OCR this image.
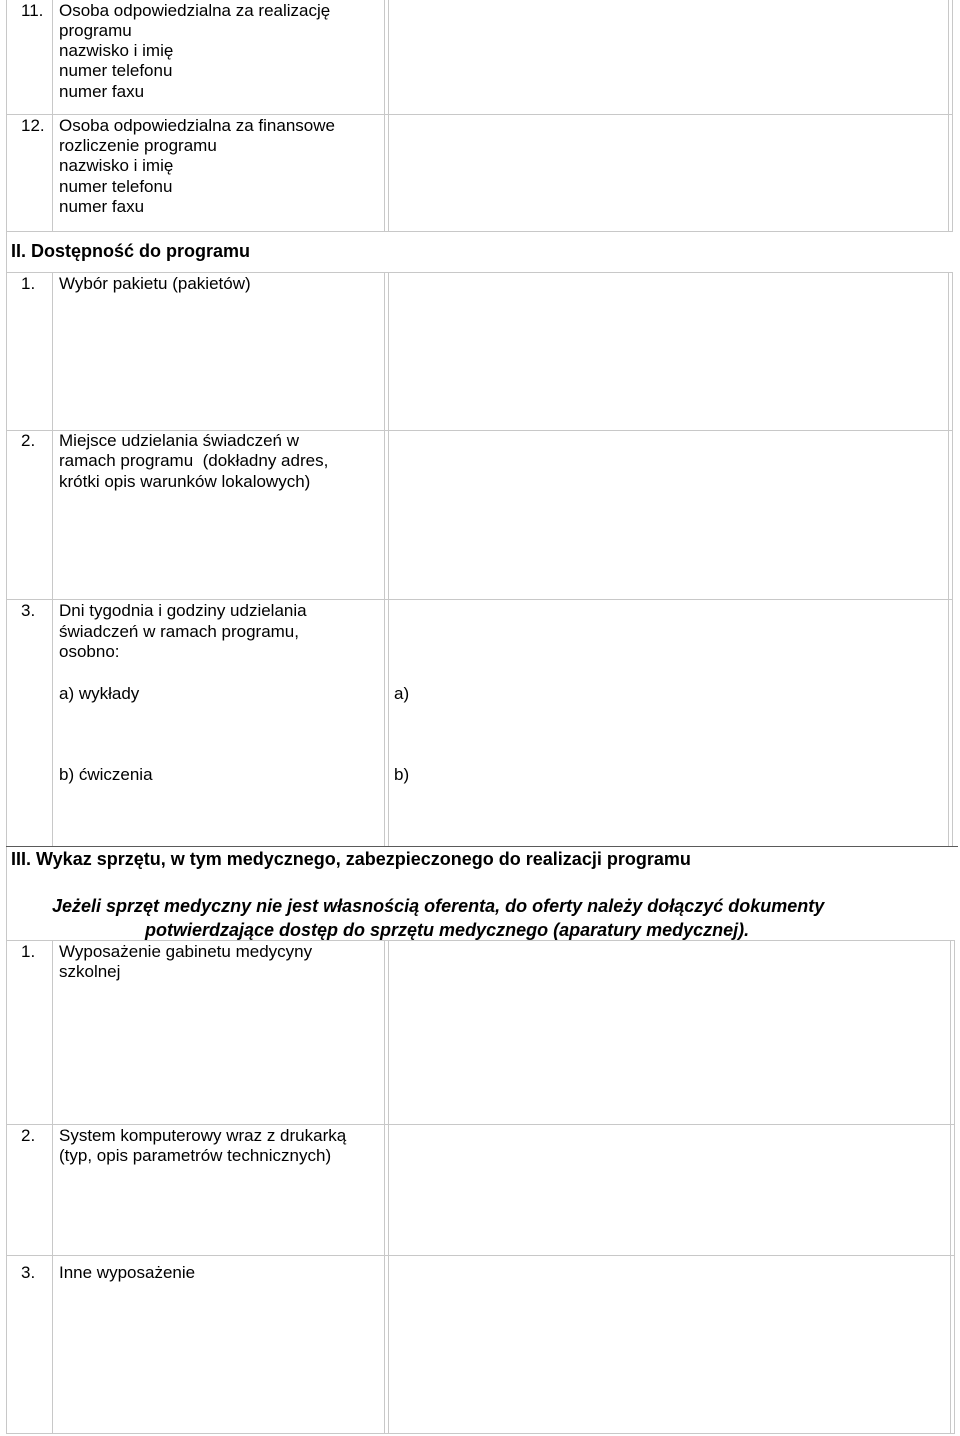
11. Osoba odpowiedzialna za realizację
programu
nazwisko i imię
numer telefonu
numer faxu
12. Osoba odpowiedzialna za finansowe
rozliczenie programu
nazwisko i imię
numer telefonu
numer faxu
II. Dostępność do programu
1. Wybór pakietu (pakietów)
2. Miejsce udzielania świadczeń w
ramach programu  (dokładny adres,
krótki opis warunków lokalowych)
3. Dni tygodnia i godziny udzielania
świadczeń w ramach programu,
osobno:
a) wykłady
b) ćwiczenia
a)
b)
III. Wykaz sprzętu, w tym medycznego, zabezpieczonego do realizacji programu
Jeżeli sprzęt medyczny nie jest własnością oferenta, do oferty należy dołączyć dokumenty
potwierdzające dostęp do sprzętu medycznego (aparatury medycznej).
1. Wyposażenie gabinetu medycyny
szkolnej
2. System komputerowy wraz z drukarką
(typ, opis parametrów technicznych)
3. Inne wyposażenie
